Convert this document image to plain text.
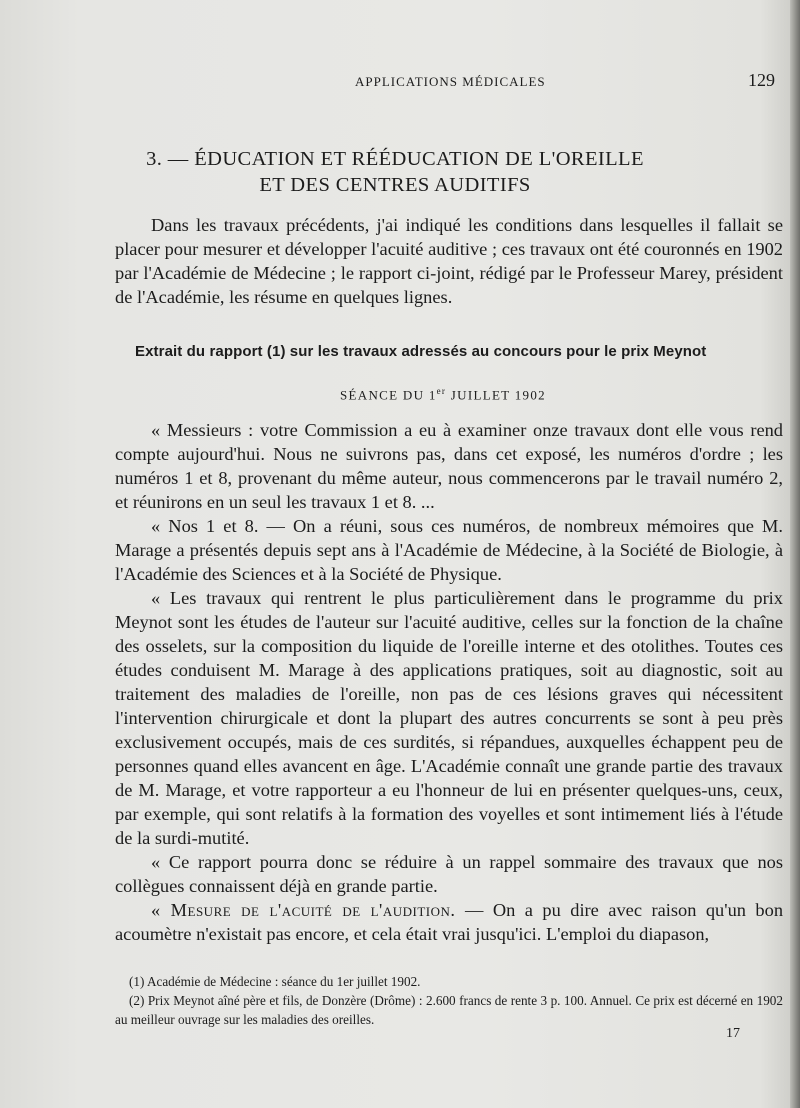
APPLICATIONS MÉDICALES	129
3. — ÉDUCATION ET RÉÉDUCATION DE L'OREILLE
ET DES CENTRES AUDITIFS

Dans les travaux précédents, j'ai indiqué les conditions dans lesquelles il fallait se placer pour mesurer et développer l'acuité auditive ; ces travaux ont été couronnés en 1902 par l'Académie de Médecine ; le rapport ci-joint, rédigé par le Professeur Marey, président de l'Académie, les résume en quelques lignes.

Extrait du rapport (1) sur les travaux adressés au concours pour le prix Meynot
SÉANCE DU 1er JUILLET 1902

« Messieurs : votre Commission a eu à examiner onze travaux dont elle vous rend compte aujourd'hui. Nous ne suivrons pas, dans cet exposé, les numéros d'ordre ; les numéros 1 et 8, provenant du même auteur, nous commencerons par le travail numéro 2, et réunirons en un seul les travaux 1 et 8. ...

« Nos 1 et 8. — On a réuni, sous ces numéros, de nombreux mémoires que M. Marage a présentés depuis sept ans à l'Académie de Médecine, à la Société de Biologie, à l'Académie des Sciences et à la Société de Physique.

« Les travaux qui rentrent le plus particulièrement dans le programme du prix Meynot sont les études de l'auteur sur l'acuité auditive, celles sur la fonction de la chaîne des osselets, sur la composition du liquide de l'oreille interne et des otolithes. Toutes ces études conduisent M. Marage à des applications pratiques, soit au diagnostic, soit au traitement des maladies de l'oreille, non pas de ces lésions graves qui nécessitent l'intervention chirurgicale et dont la plupart des autres concurrents se sont à peu près exclusivement occupés, mais de ces surdités, si répandues, auxquelles échappent peu de personnes quand elles avancent en âge. L'Académie connaît une grande partie des travaux de M. Marage, et votre rapporteur a eu l'honneur de lui en présenter quelques-uns, ceux, par exemple, qui sont relatifs à la formation des voyelles et sont intimement liés à l'étude de la surdi-mutité.

« Ce rapport pourra donc se réduire à un rappel sommaire des travaux que nos collègues connaissent déjà en grande partie.

« Mesure de l'acuité de l'audition. — On a pu dire avec raison qu'un bon acoumètre n'existait pas encore, et cela était vrai jusqu'ici. L'emploi du diapason,

(1) Académie de Médecine : séance du 1er juillet 1902.

(2) Prix Meynot aîné père et fils, de Donzère (Drôme) : 2.600 francs de rente 3 p. 100. Annuel. Ce prix est décerné en 1902 au meilleur ouvrage sur les maladies des oreilles.

17
